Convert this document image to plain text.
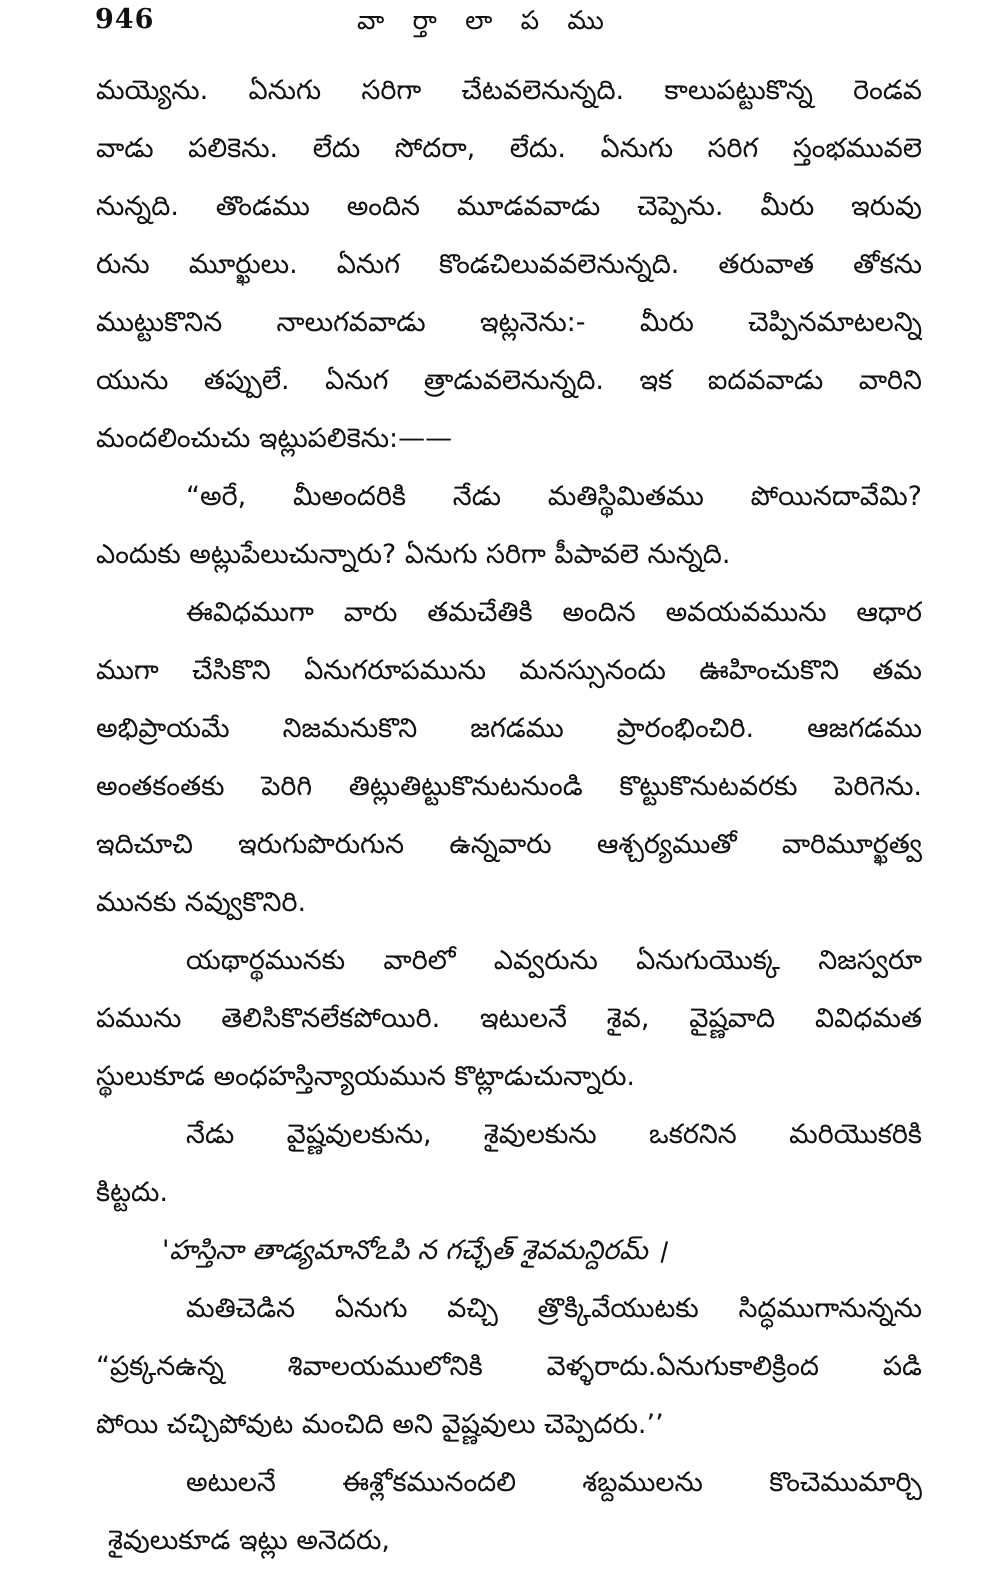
946	వా ర్తా లా ప ము
మయ్యెను. ఏనుగు సరిగా చేటవలెనున్నది. కాలుపట్టుకొన్న రెండవ
వాడు పలికెను. లేదు సోదరా, లేదు. ఏనుగు సరిగ స్తంభమువలె
నున్నది. తొండము అందిన మూడవవాడు చెప్పెను. మీరు ఇరువు
రును మూర్ఖులు. ఏనుగ కొండచిలువవలెనున్నది. తరువాత తోకను
ముట్టుకొనిన నాలుగవవాడు ఇట్లనెను:- మీరు చెప్పినమాటలన్ని
యును తప్పులే. ఏనుగ త్రాడువలెనున్నది. ఇక ఐదవవాడు వారిని
మందలించుచు ఇట్లుపలికెను:——
“అరే, మీఅందరికి నేడు మతిస్థిమితము పోయినదావేమి?
ఎందుకు అట్లుపేలుచున్నారు? ఏనుగు సరిగా పీపావలె నున్నది.
ఈవిధముగా వారు తమచేతికి అందిన అవయవమును ఆధార
ముగా చేసికొని ఏనుగరూపమును మనస్సునందు ఊహించుకొని తమ
అభిప్రాయమే నిజమనుకొని జగడము ప్రారంభించిరి. ఆజగడము
అంతకంతకు పెరిగి తిట్లుతిట్టుకొనుటనుండి కొట్టుకొనుటవరకు పెరిగెను.
ఇదిచూచి ఇరుగుపొరుగున ఉన్నవారు ఆశ్చర్యముతో వారిమూర్ఖత్వ
మునకు నవ్వుకొనిరి.
యథార్థమునకు వారిలో ఎవ్వరును ఏనుగుయొక్క నిజస్వరూ
పమును తెలిసికొనలేకపోయిరి. ఇటులనే శైవ, వైష్ణవాది వివిధమత
స్థులుకూడ అంధహస్తిన్యాయమున కొట్లాడుచున్నారు.
నేడు వైష్ణవులకును, శైవులకును ఒకరనిన మరియొకరికి
కిట్టదు.
'హస్తినా తాడ్యమానోఽపి న గచ్ఛేత్ శైవమన్దిరమ్ ।
మతిచెడిన ఏనుగు వచ్చి త్రొక్కివేయుటకు సిద్ధముగానున్నను
“ప్రక్కనఉన్న శివాలయములోనికి వెళ్ళరాదు.ఏనుగుకాలిక్రింద పడి
పోయి చచ్చిపోవుట మంచిది అని వైష్ణవులు చెప్పెదరు.’’
అటులనే ఈశ్లోకమునందలి శబ్దములను కొంచెముమార్చి
శైవులుకూడ ఇట్లు అనెదరు,
